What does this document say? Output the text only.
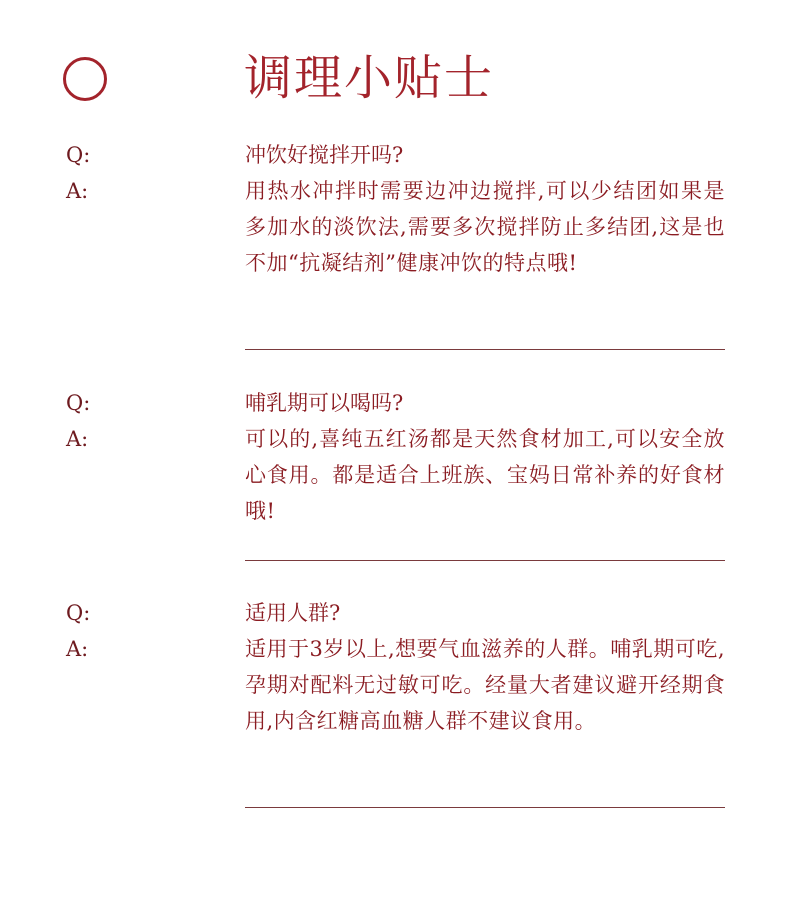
调理小贴士
Q:	冲饮好搅拌开吗?
A:	用热水冲拌时需要边冲边搅拌,可以少结团如果是多加水的淡饮法,需要多次搅拌防止多结团,这是也不加“抗凝结剂”健康冲饮的特点哦!
Q:	哺乳期可以喝吗?
A:	可以的,喜纯五红汤都是天然食材加工,可以安全放心食用。都是适合上班族、宝妈日常补养的好食材哦!
Q:	适用人群?
A:	适用于3岁以上,想要气血滋养的人群。哺乳期可吃,孕期对配料无过敏可吃。经量大者建议避开经期食用,内含红糖高血糖人群不建议食用。
